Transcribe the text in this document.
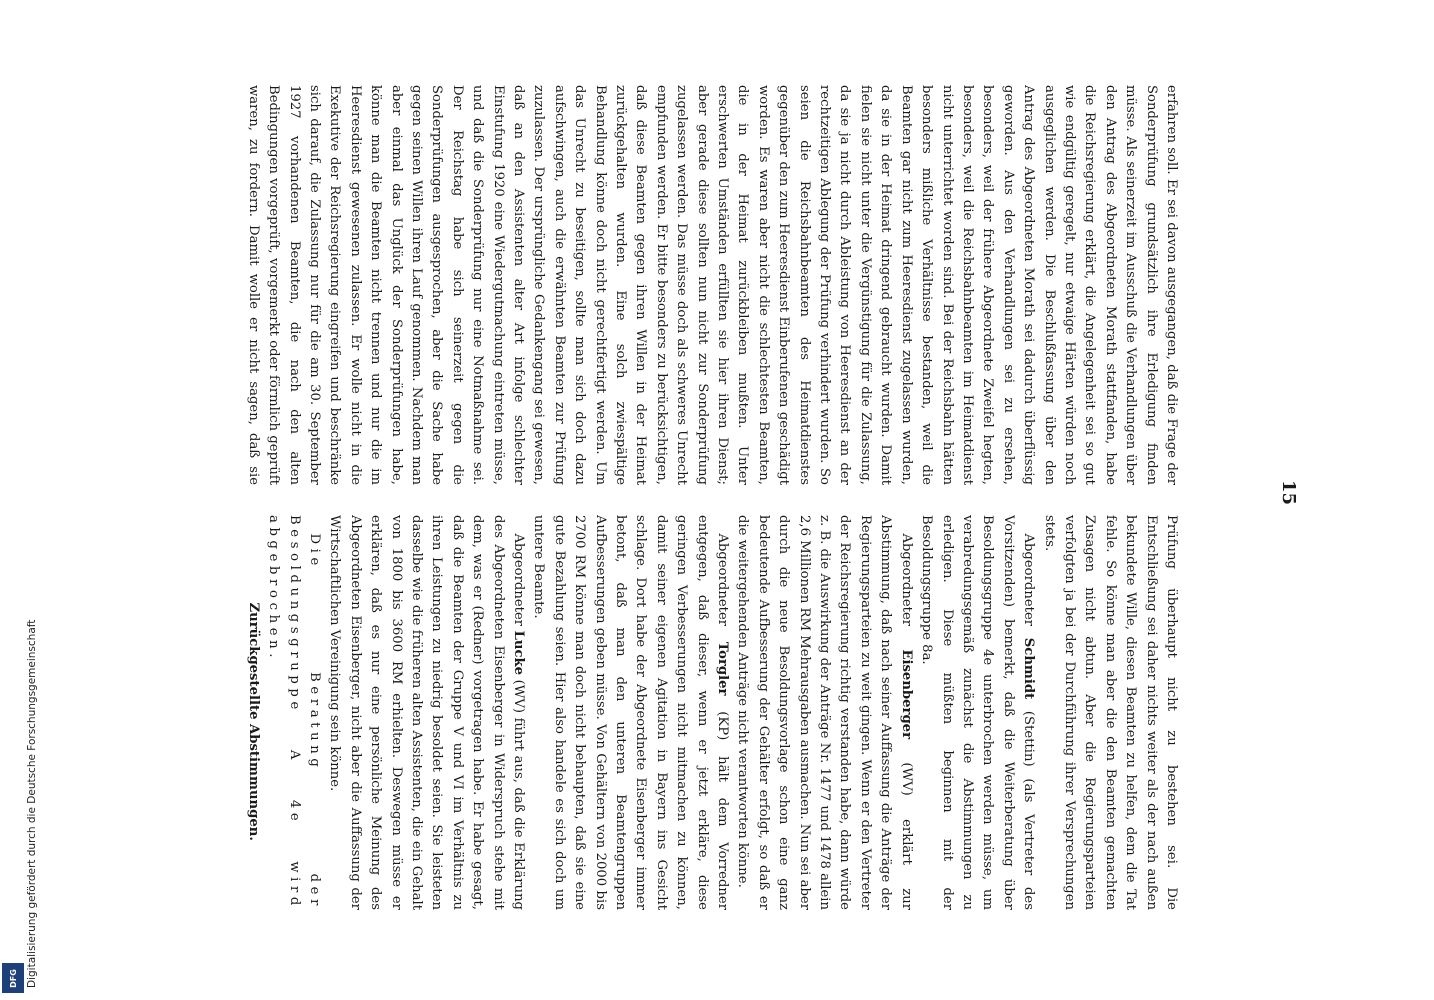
15

erfahren soll. Er sei davon ausgegangen, daß die Frage der Sonderprüfung grundsätzlich ihre Erledigung finden müsse. Als seinerzeit im Ausschuß die Verhandlungen über den Antrag des Abgeordneten Morath stattfanden, habe die Reichsregierung erklärt, die Angelegenheit sei so gut wie endgültig geregelt, nur etwaige Härten würden noch ausgeglichen werden. Die Beschlußfassung über den Antrag des Abgeordneten Morath sei dadurch überflüssig geworden. Aus den Verhandlungen sei zu ersehen, besonders, weil der frühere Abgeordnete Zweifel hegten, besonders, weil die Reichsbahnbeamten im Heimatdienst nicht unterrichtet worden sind. Bei der Reichsbahn hätten besonders mißliche Verhältnisse bestanden, weil die Beamten gar nicht zum Heeresdienst zugelassen wurden, da sie in der Heimat dringend gebraucht wurden. Damit fielen sie nicht unter die Vergünstigung für die Zulassung, da sie ja nicht durch Ableistung von Heeresdienst an der rechtzeitigen Ablegung der Prüfung verhindert wurden. So seien die Reichsbahnbeamten des Heimatdienstes gegenüber den zum Heeresdienst Einberufenen geschädigt worden. Es waren aber nicht die schlechtesten Beamten, die in der Heimat zurückbleiben mußten. Unter erschwerten Umständen erfüllten sie hier ihren Dienst; aber gerade diese sollten nun nicht zur Sonderprüfung zugelassen werden. Das müsse doch als schweres Unrecht empfunden werden. Er bitte besonders zu berücksichtigen, daß diese Beamten gegen ihren Willen in der Heimat zurückgehalten wurden. Eine solch zwiespältige Behandlung könne doch nicht gerechtfertigt werden. Um das Unrecht zu beseitigen, sollte man sich doch dazu aufschwingen, auch die erwähnten Beamten zur Prüfung zuzulassen. Der ursprüngliche Gedankengang sei gewesen, daß an den Assistenten alter Art infolge schlechter Einstufung 1920 eine Wiedergutmachung eintreten müsse, und daß die Sonderprüfung nur eine Notmaßnahme sei. Der Reichstag habe sich seinerzeit gegen die Sonderprüfungen ausgesprochen, aber die Sache habe gegen seinen Willen ihren Lauf genommen. Nachdem man aber einmal das Unglück der Sonderprüfungen habe, könne man die Beamten nicht trennen und nur die im Heeresdienst gewesenen zulassen. Er wolle nicht in die Exekutive der Reichsregierung eingreifen und beschränke sich darauf, die Zulassung nur für die am 30. September 1927 vorhandenen Beamten, die nach den alten Bedingungen vorgeprüft, vorgemerkt oder förmlich geprüft waren, zu fordern. Damit wolle er nicht sagen, daß sie

Prüfung überhaupt nicht zu bestehen sei. Die Entschließung sei daher nichts weiter als der nach außen bekundete Wille, diesen Beamten zu helfen, dem die Tat fehle. So könne man aber die den Beamten gemachten Zusagen nicht abtun. Aber die Regierungsparteien verfolgten ja bei der Durchführung ihrer Versprechungen stets.

Abgeordneter Schmidt (Stettin) (als Vertreter des Vorsitzenden) bemerkt, daß die Weiterberatung über Besoldungsgruppe 4e unterbrochen werden müsse, um verabredungsgemäß zunächst die Abstimmungen zu erledigen. Diese müßten beginnen mit der Besoldungsgruppe 8a.

Abgeordneter Eisenberger (WV) erklärt zur Abstimmung, daß nach seiner Auffassung die Anträge der Regierungsparteien zu weit gingen. Wenn er den Vertreter der Reichsregierung richtig verstanden habe, dann würde z. B. die Auswirkung der Anträge Nr. 1477 und 1478 allein 2,6 Millionen RM Mehrausgaben ausmachen. Nun sei aber durch die neue Besoldungsvorlage schon eine ganz bedeutende Aufbesserung der Gehälter erfolgt, so daß er die weitergehenden Anträge nicht verantworten könne.

Abgeordneter Torgler (KP) hält dem Vorredner entgegen, daß dieser, wenn er jetzt erkläre, diese geringen Verbesserungen nicht mitmachen zu können, damit seiner eigenen Agitation in Bayern ins Gesicht schlage. Dort habe der Abgeordnete Eisenberger immer betont, daß man den unteren Beamtengruppen Aufbesserungen geben müsse. Von Gehältern von 2000 bis 2700 RM könne man doch nicht behaupten, daß sie eine gute Bezahlung seien. Hier also handele es sich doch um untere Beamte.

Abgeordneter Lucke (WV) führt aus, daß die Erklärung des Abgeordneten Eisenberger in Widerspruch stehe mit dem, was er (Redner) vorgetragen habe. Er habe gesagt, daß die Beamten der Gruppe V und VI im Verhältnis zu ihren Leistungen zu niedrig besoldet seien. Sie leisteten dasselbe wie die früheren alten Assistenten, die ein Gehalt von 1800 bis 3600 RM erhielten. Deswegen müsse er erklären, daß es nur eine persönliche Meinung des Abgeordneten Eisenberger, nicht aber die Auffassung der Wirtschaftlichen Vereinigung sein könne.

Die Beratung der Besoldungsgruppe A 4e wird abgebrochen.

Zurückgestellte Abstimmungen.

Digitalisierung gefördert durch die Deutsche Forschungsgemeinschaft
DFG
